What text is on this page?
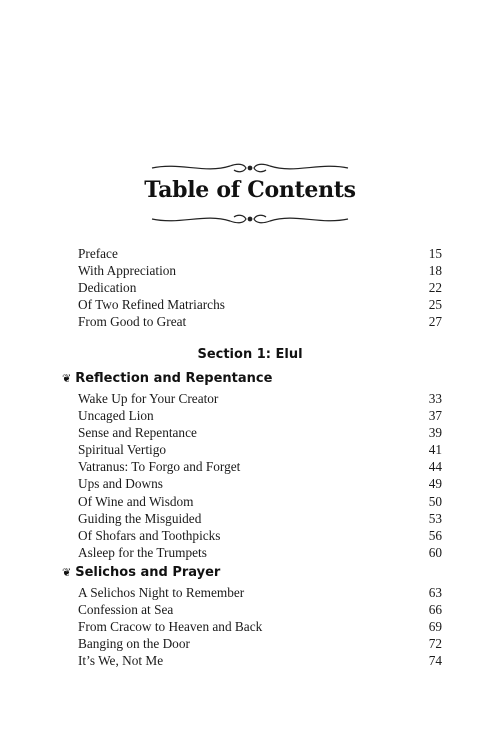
Table of Contents
Preface	15
With Appreciation	18
Dedication	22
Of Two Refined Matriarchs	25
From Good to Great	27
Section 1: Elul
❦ Reflection and Repentance
Wake Up for Your Creator	33
Uncaged Lion	37
Sense and Repentance	39
Spiritual Vertigo	41
Vatranus: To Forgo and Forget	44
Ups and Downs	49
Of Wine and Wisdom	50
Guiding the Misguided	53
Of Shofars and Toothpicks	56
Asleep for the Trumpets	60
❦ Selichos and Prayer
A Selichos Night to Remember	63
Confession at Sea	66
From Cracow to Heaven and Back	69
Banging on the Door	72
It’s We, Not Me	74
